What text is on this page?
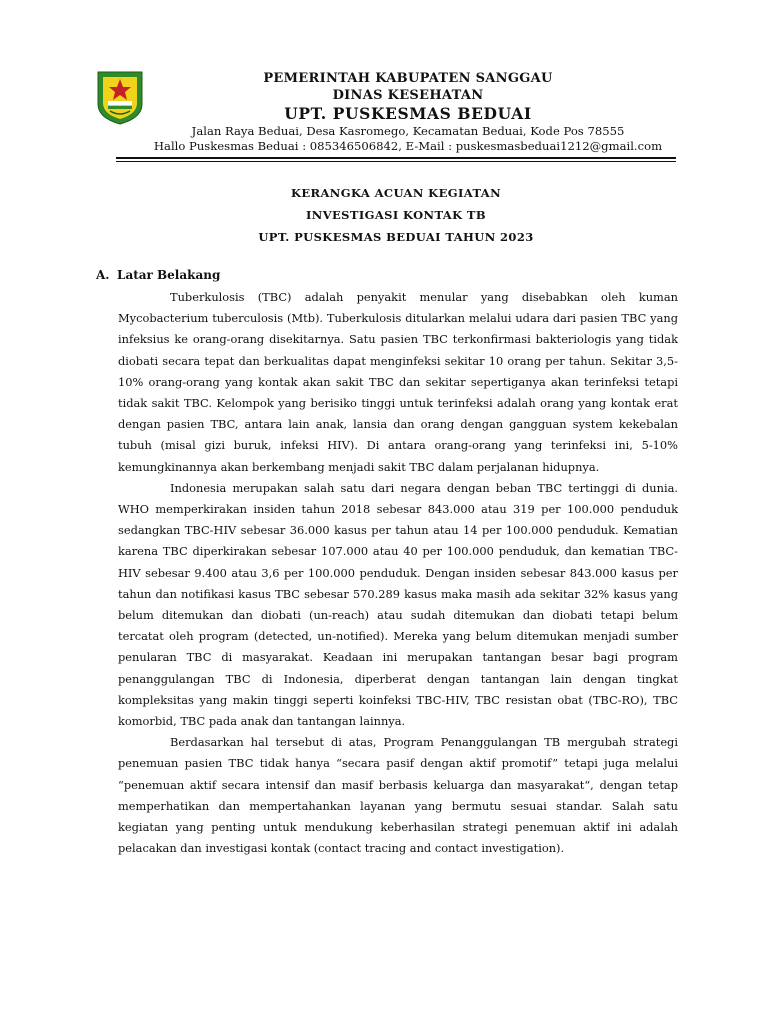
PEMERINTAH KABUPATEN SANGGAU
DINAS KESEHATAN
UPT. PUSKESMAS BEDUAI
Jalan Raya Beduai, Desa Kasromego, Kecamatan Beduai, Kode Pos 78555
Hallo Puskesmas Beduai : 085346506842, E-Mail : puskesmasbeduai1212@gmail.com
KERANGKA ACUAN KEGIATAN
INVESTIGASI KONTAK TB
UPT. PUSKESMAS BEDUAI TAHUN 2023
A. Latar Belakang

Tuberkulosis (TBC) adalah penyakit menular yang disebabkan oleh kuman Mycobacterium tuberculosis (Mtb). Tuberkulosis ditularkan melalui udara dari pasien TBC yang infeksius ke orang-orang disekitarnya. Satu pasien TBC terkonfirmasi bakteriologis yang tidak diobati secara tepat dan berkualitas dapat menginfeksi sekitar 10 orang per tahun. Sekitar 3,5-10% orang-orang yang kontak akan sakit TBC dan sekitar sepertiganya akan terinfeksi tetapi tidak sakit TBC. Kelompok yang berisiko tinggi untuk terinfeksi adalah orang yang kontak erat dengan pasien TBC, antara lain anak, lansia dan orang dengan gangguan system kekebalan tubuh (misal gizi buruk, infeksi HIV). Di antara orang-orang yang terinfeksi ini, 5-10% kemungkinannya akan berkembang menjadi sakit TBC dalam perjalanan hidupnya.

Indonesia merupakan salah satu dari negara dengan beban TBC tertinggi di dunia. WHO memperkirakan insiden tahun 2018 sebesar 843.000 atau 319 per 100.000 penduduk sedangkan TBC-HIV sebesar 36.000 kasus per tahun atau 14 per 100.000 penduduk. Kematian karena TBC diperkirakan sebesar 107.000 atau 40 per 100.000 penduduk, dan kematian TBC-HIV sebesar 9.400 atau 3,6 per 100.000 penduduk. Dengan insiden sebesar 843.000 kasus per tahun dan notifikasi kasus TBC sebesar 570.289 kasus maka masih ada sekitar 32% kasus yang belum ditemukan dan diobati (un-reach) atau sudah ditemukan dan diobati tetapi belum tercatat oleh program (detected, un-notified). Mereka yang belum ditemukan menjadi sumber penularan TBC di masyarakat. Keadaan ini merupakan tantangan besar bagi program penanggulangan TBC di Indonesia, diperberat dengan tantangan lain dengan tingkat kompleksitas yang makin tinggi seperti koinfeksi TBC-HIV, TBC resistan obat (TBC-RO), TBC komorbid, TBC pada anak dan tantangan lainnya.

Berdasarkan hal tersebut di atas, Program Penanggulangan TB mergubah strategi penemuan pasien TBC tidak hanya “secara pasif dengan aktif promotif” tetapi juga melalui “penemuan aktif secara intensif dan masif berbasis keluarga dan masyarakat“, dengan tetap memperhatikan dan mempertahankan layanan yang bermutu sesuai standar. Salah satu kegiatan yang penting untuk mendukung keberhasilan strategi penemuan aktif ini adalah pelacakan dan investigasi kontak (contact tracing and contact investigation).
